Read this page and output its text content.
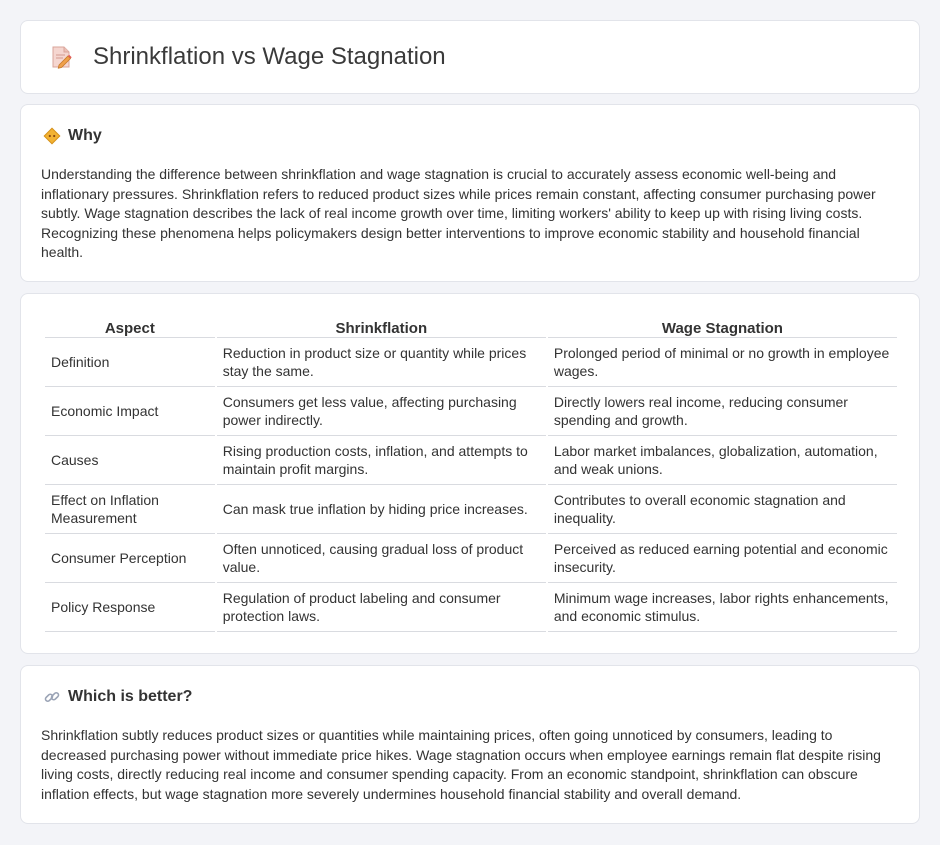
Shrinkflation vs Wage Stagnation
Why

Understanding the difference between shrinkflation and wage stagnation is crucial to accurately assess economic well-being and inflationary pressures. Shrinkflation refers to reduced product sizes while prices remain constant, affecting consumer purchasing power subtly. Wage stagnation describes the lack of real income growth over time, limiting workers' ability to keep up with rising living costs. Recognizing these phenomena helps policymakers design better interventions to improve economic stability and household financial health.

Aspect	Shrinkflation	Wage Stagnation
Definition	Reduction in product size or quantity while prices stay the same.	Prolonged period of minimal or no growth in employee wages.
Economic Impact	Consumers get less value, affecting purchasing power indirectly.	Directly lowers real income, reducing consumer spending and growth.
Causes	Rising production costs, inflation, and attempts to maintain profit margins.	Labor market imbalances, globalization, automation, and weak unions.
Effect on Inflation Measurement	Can mask true inflation by hiding price increases.	Contributes to overall economic stagnation and inequality.
Consumer Perception	Often unnoticed, causing gradual loss of product value.	Perceived as reduced earning potential and economic insecurity.
Policy Response	Regulation of product labeling and consumer protection laws.	Minimum wage increases, labor rights enhancements, and economic stimulus.
Which is better?

Shrinkflation subtly reduces product sizes or quantities while maintaining prices, often going unnoticed by consumers, leading to decreased purchasing power without immediate price hikes. Wage stagnation occurs when employee earnings remain flat despite rising living costs, directly reducing real income and consumer spending capacity. From an economic standpoint, shrinkflation can obscure inflation effects, but wage stagnation more severely undermines household financial stability and overall demand.
